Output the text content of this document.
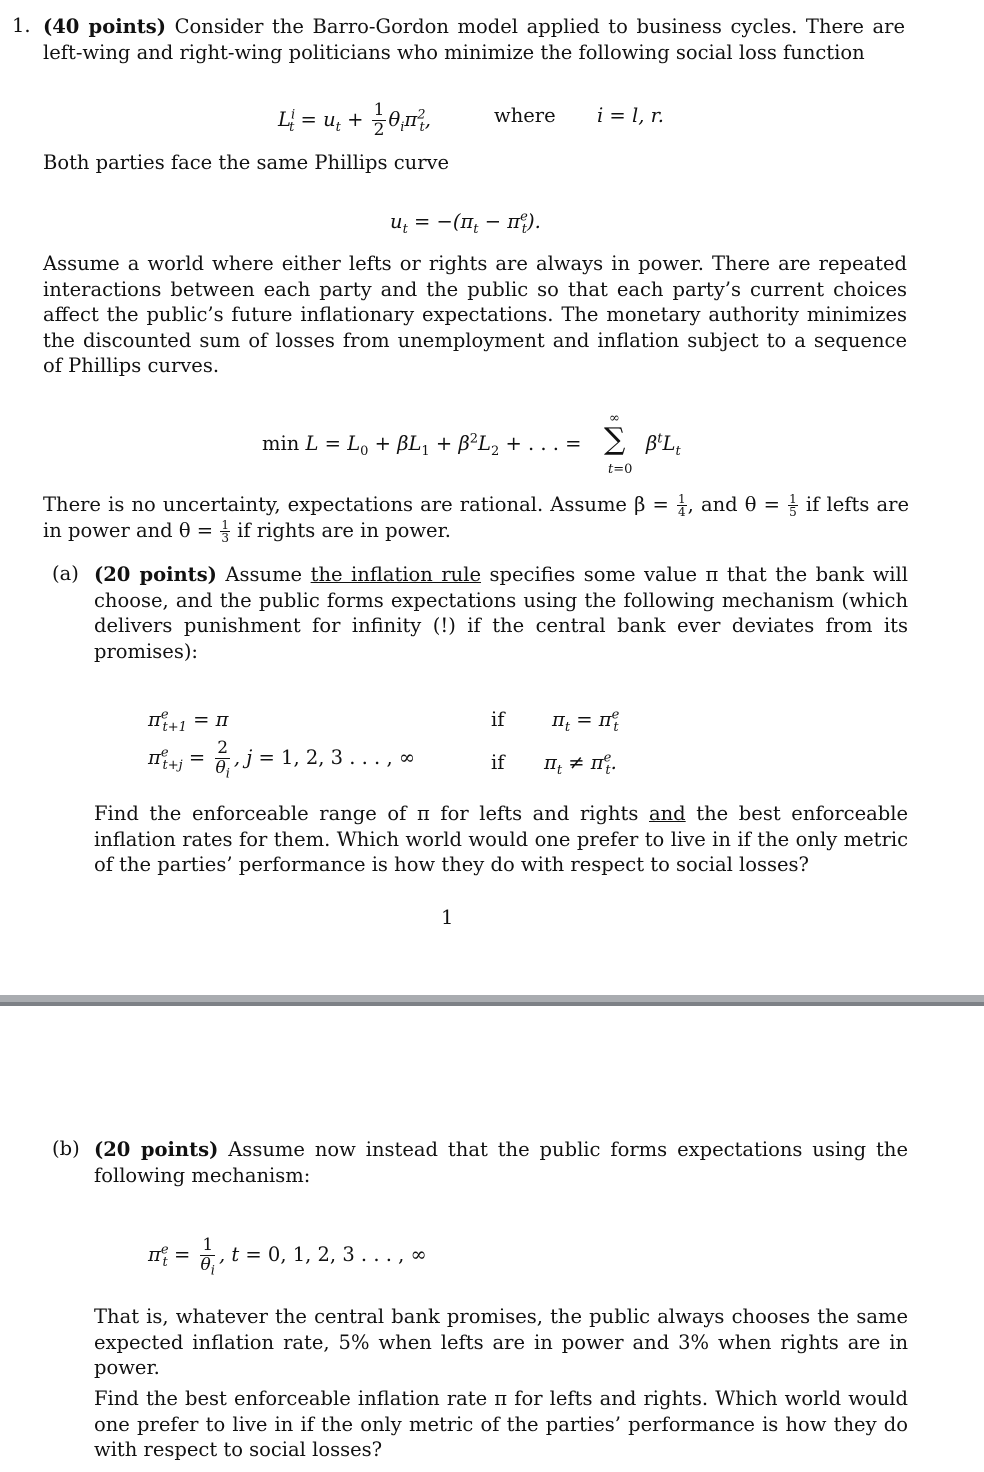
1. (40 points) Consider the Barro-Gordon model applied to business cycles. There are left-wing and right-wing politicians who minimize the following social loss function
$L^i_t = u_t + \frac{1}{2} \theta_i\pi^2_t$,	where i = l, r.
Both parties face the same Phillips curve
$u_t = -(\pi_t - \pi^e_t)$.
Assume a world where either lefts or rights are always in power. There are repeated interactions between each party and the public so that each party’s current choices affect the public’s future inflationary expectations. The monetary authority minimizes the discounted sum of losses from unemployment and inflation subject to a sequence of Phillips curves.
$\min L = L_0 + \beta L_1 + \beta^2L_2$ + . . . =
∞
∑
t=0
$\beta^tL_t$
There is no uncertainty, expectations are rational. Assume $\beta = \frac{1}{4}$ , and $\theta = \frac{1}{5}$ if lefts are in power and $\theta = \frac{1}{3}$ if rights are in power.
(a) (20 points) Assume the inflation rule specifies some value π that the bank will choose, and the public forms expectations using the following mechanism (which delivers punishment for infinity (!) if the central bank ever deviates from its promises):
$\pi^e_{t+1} = \pi$	if $\pi_t = \pi^e_t$
$\pi^e_{t+j} = \frac{2}{\theta_i}$ , j = 1, 2, 3 . . . , ∞	if $\pi_t \ne \pi^e_t$.
Find the enforceable range of π for lefts and rights and the best enforceable inflation rates for them. Which world would one prefer to live in if the only metric of the parties’ performance is how they do with respect to social losses?
1
(b) (20 points) Assume now instead that the public forms expectations using the following mechanism:
$\pi^e_t = \frac{1}{\theta_i}$ , t = 0, 1, 2, 3 . . . , ∞
That is, whatever the central bank promises, the public always chooses the same expected inflation rate, 5% when lefts are in power and 3% when rights are in power.
Find the best enforceable inflation rate π for lefts and rights. Which world would one prefer to live in if the only metric of the parties’ performance is how they do with respect to social losses?
